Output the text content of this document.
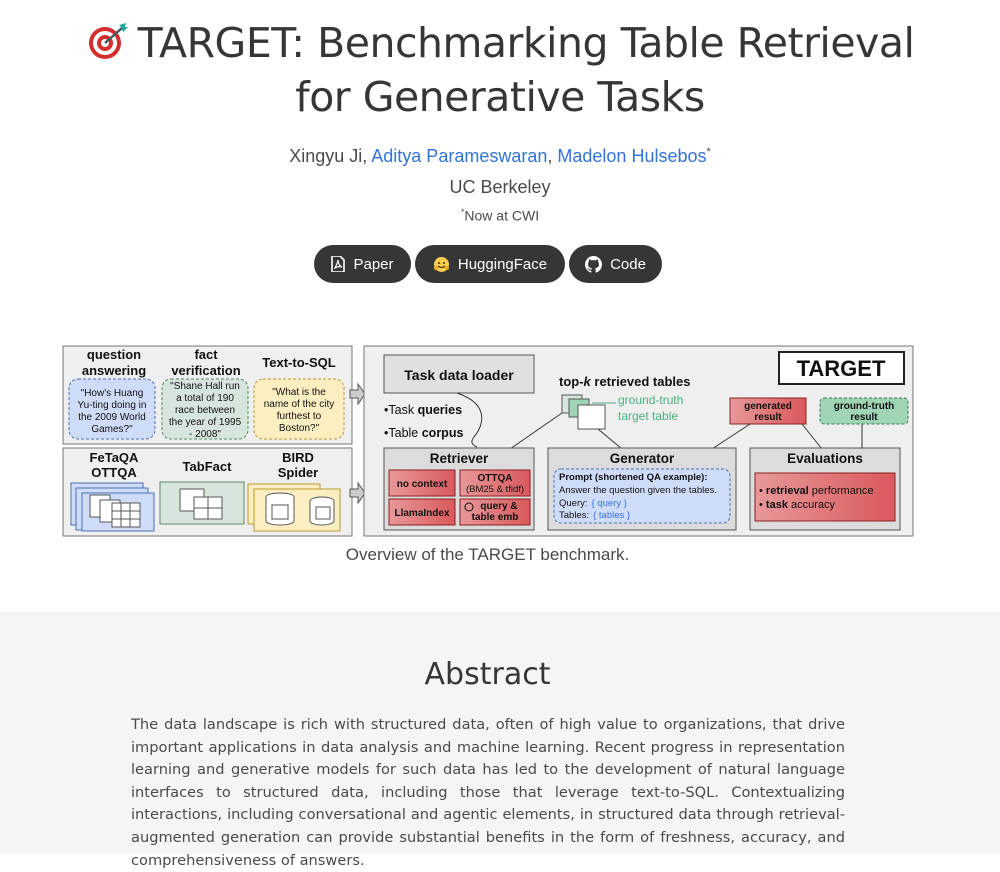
TARGET: Benchmarking Table Retrieval
for Generative Tasks
Xingyu Ji, Aditya Parameswaran, Madelon Hulsebos*
UC Berkeley
*Now at CWI
Paper	HuggingFace	Code
question
answering
"How's Huang
Yu-ting doing in
the 2009 World
Games?"
fact
verification
"Shane Hall run
a total of 190
race between
the year of 1995
- 2008"
Text-to-SQL
"What is the
name of the city
furthest to
Boston?"
FeTaQA
OTTQA	TabFact
BIRD
Spider
TARGET
Task data loader
•Task queries
•Table corpus
top-k retrieved tables
ground-truth
target table
generated
result
ground-truth
result
Retriever
no context
OTTQA
(BM25 & tfidf)
LlamaIndex
query &
table emb
Generator
Prompt (shortened QA example):
Answer the question given the tables.
Query: { query }
Tables: { tables }
Evaluations
• retrieval performance
• task accuracy
Overview of the TARGET benchmark.
Abstract
The data landscape is rich with structured data, often of high value to organizations, that drive important applications in data analysis and machine learning. Recent progress in representation learning and generative models for such data has led to the development of natural language interfaces to structured data, including those that leverage text-to-SQL. Contextualizing interactions, including conversational and agentic elements, in structured data through retrieval-augmented generation can provide substantial benefits in the form of freshness, accuracy, and comprehensiveness of answers.
